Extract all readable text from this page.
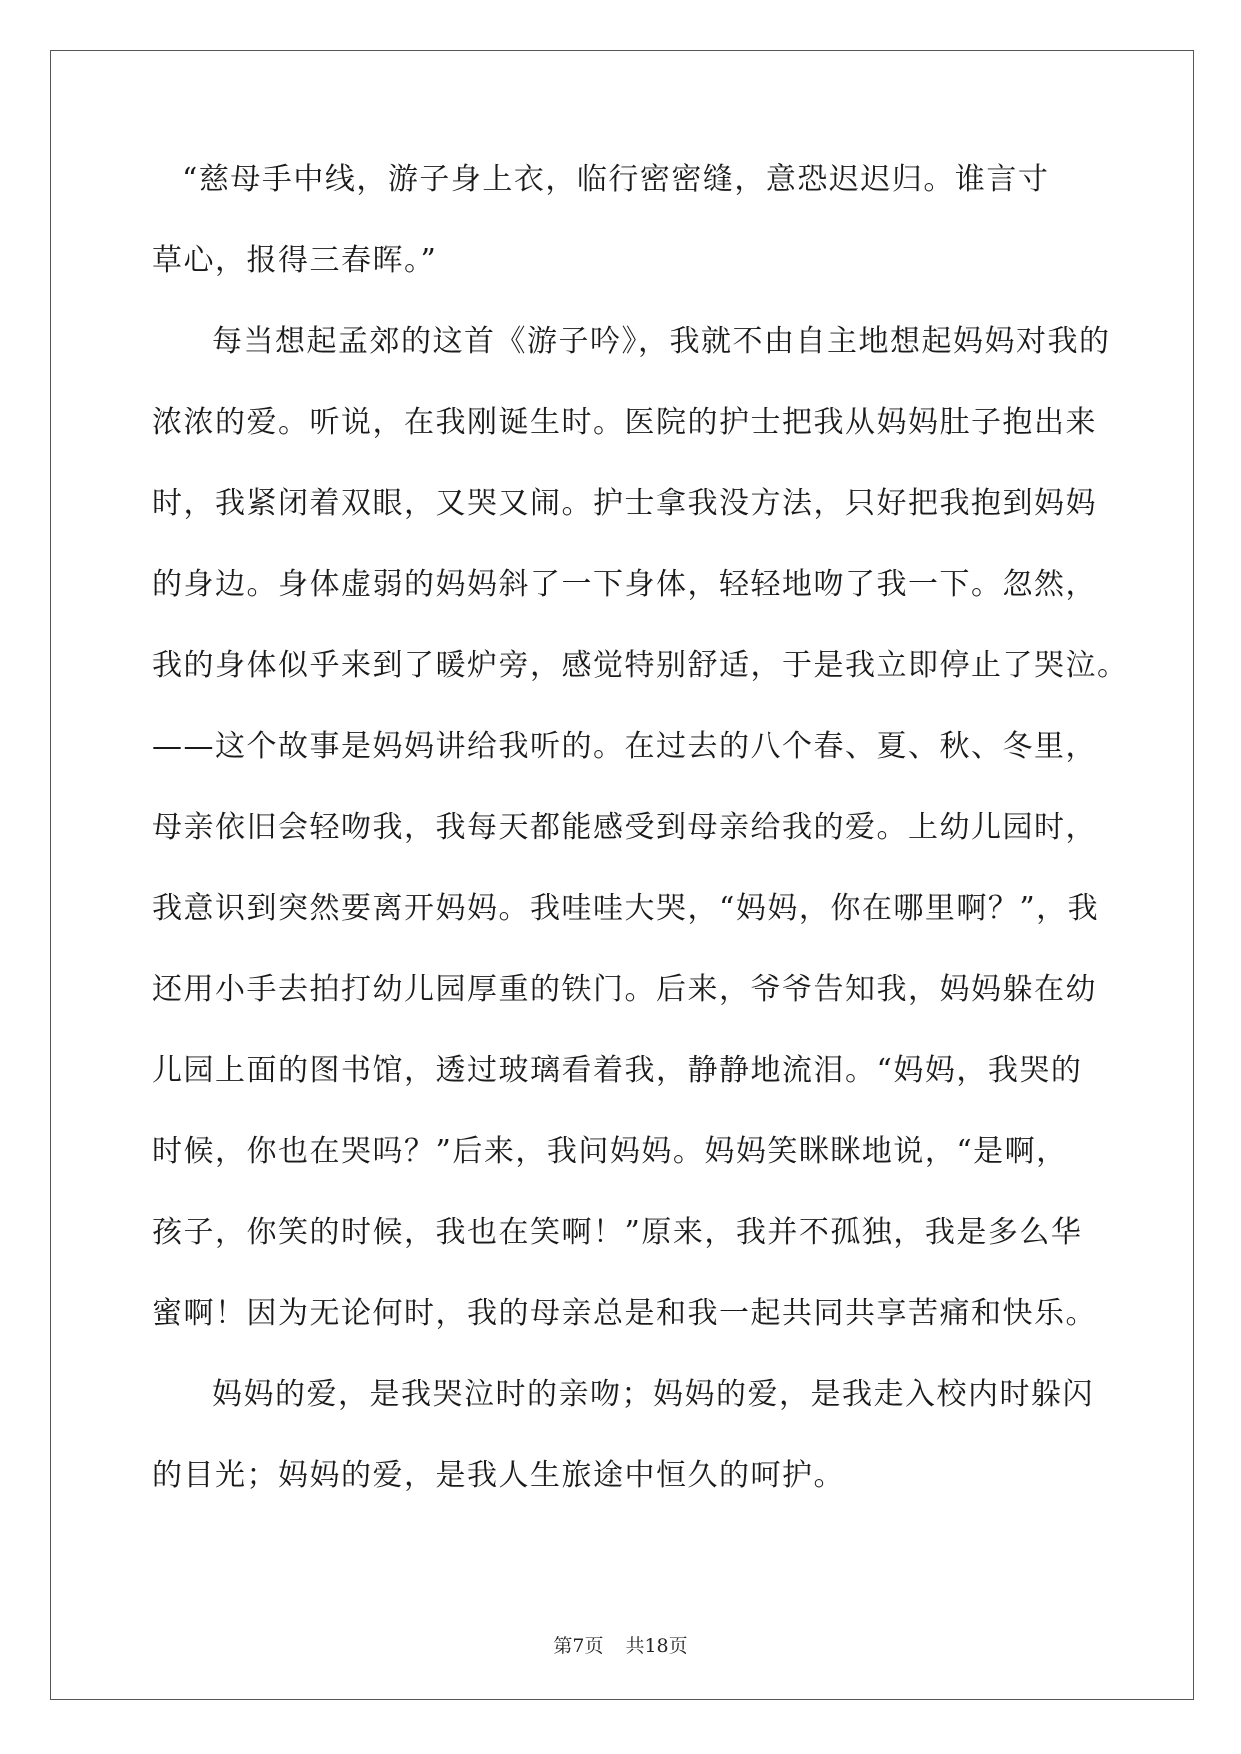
“慈母手中线，游子身上衣，临行密密缝，意恐迟迟归。谁言寸
草心，报得三春晖。”
每当想起孟郊的这首《游子吟》，我就不由自主地想起妈妈对我的
浓浓的爱。听说，在我刚诞生时。医院的护士把我从妈妈肚子抱出来
时，我紧闭着双眼，又哭又闹。护士拿我没方法，只好把我抱到妈妈
的身边。身体虚弱的妈妈斜了一下身体，轻轻地吻了我一下。忽然，
我的身体似乎来到了暖炉旁，感觉特别舒适，于是我立即停止了哭泣。
——这个故事是妈妈讲给我听的。在过去的八个春、夏、秋、冬里，
母亲依旧会轻吻我，我每天都能感受到母亲给我的爱。上幼儿园时，
我意识到突然要离开妈妈。我哇哇大哭，“妈妈，你在哪里啊？”，我
还用小手去拍打幼儿园厚重的铁门。后来，爷爷告知我，妈妈躲在幼
儿园上面的图书馆，透过玻璃看着我，静静地流泪。“妈妈，我哭的
时候，你也在哭吗？”后来，我问妈妈。妈妈笑眯眯地说，“是啊，
孩子，你笑的时候，我也在笑啊！”原来，我并不孤独，我是多么华
蜜啊！因为无论何时，我的母亲总是和我一起共同共享苦痛和快乐。
妈妈的爱，是我哭泣时的亲吻；妈妈的爱，是我走入校内时躲闪
的目光；妈妈的爱，是我人生旅途中恒久的呵护。
第7页 共18页
